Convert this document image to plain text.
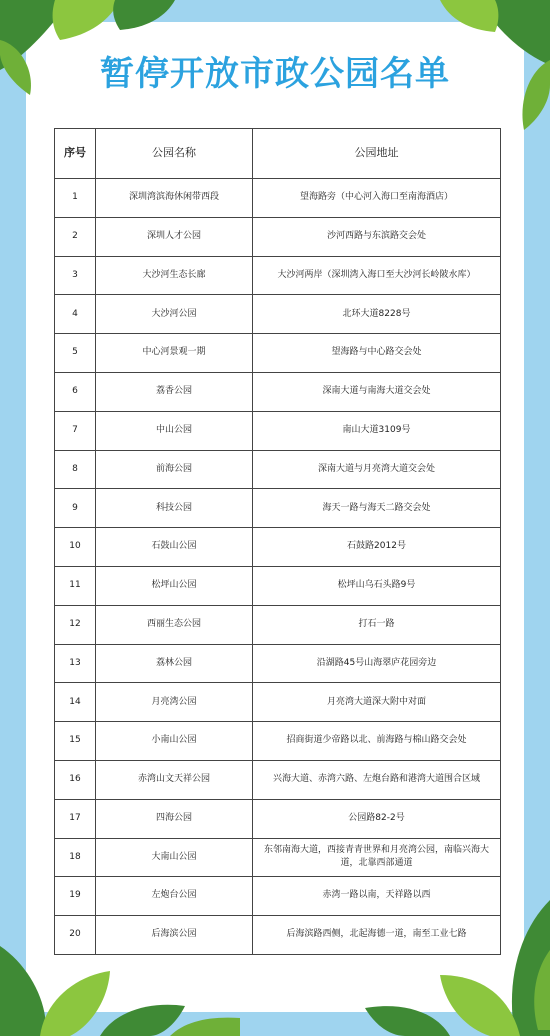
暂停开放市政公园名单
序号	公园名称	公园地址
1	深圳湾滨海休闲带西段	望海路旁（中心河入海口至南海酒店）
2	深圳人才公园	沙河西路与东滨路交会处
3	大沙河生态长廊	大沙河两岸（深圳湾入海口至大沙河长岭陂水库）
4	大沙河公园	北环大道8228号
5	中心河景观一期	望海路与中心路交会处
6	荔香公园	深南大道与南海大道交会处
7	中山公园	南山大道3109号
8	前海公园	深南大道与月亮湾大道交会处
9	科技公园	海天一路与海天二路交会处
10	石鼓山公园	石鼓路2012号
11	松坪山公园	松坪山乌石头路9号
12	西丽生态公园	打石一路
13	荔林公园	沿湖路45号山海翠庐花园旁边
14	月亮湾公园	月亮湾大道深大附中对面
15	小南山公园	招商街道少帝路以北、前海路与棉山路交会处
16	赤湾山文天祥公园	兴海大道、赤湾六路、左炮台路和港湾大道围合区域
17	四海公园	公园路82-2号
18	大南山公园	东邻南海大道，西接青青世界和月亮湾公园，南临兴海大道，北靠西部通道
19	左炮台公园	赤湾一路以南，天祥路以西
20	后海滨公园	后海滨路西侧，北起海德一道，南至工业七路
